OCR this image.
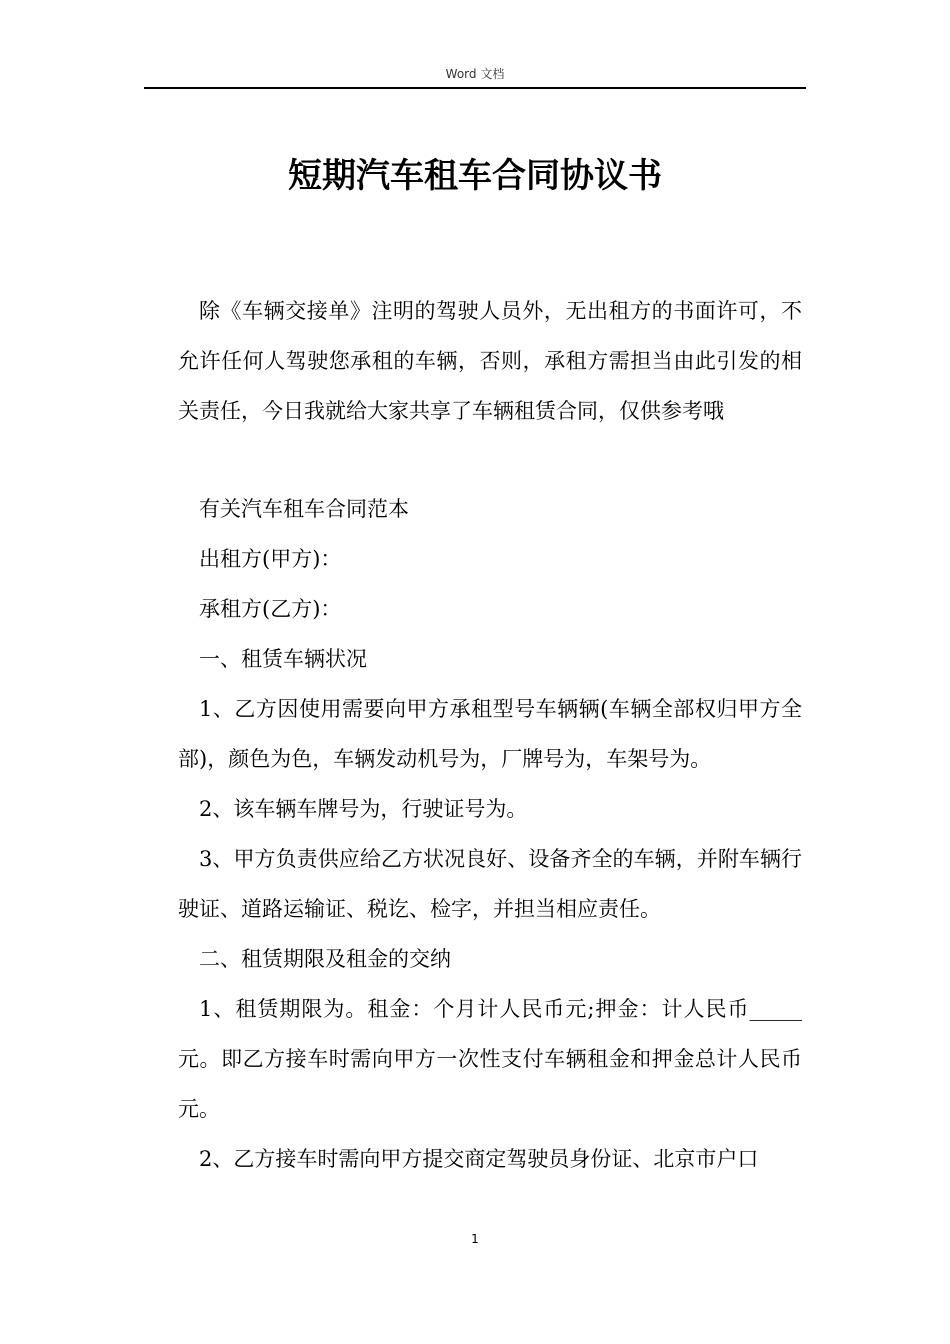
Word 文档
短期汽车租车合同协议书

除《车辆交接单》注明的驾驶人员外，无出租方的书面许可，不允许任何人驾驶您承租的车辆，否则，承租方需担当由此引发的相关责任，今日我就给大家共享了车辆租赁合同，仅供参考哦

有关汽车租车合同范本

出租方(甲方)：

承租方(乙方)：

一、租赁车辆状况

1、乙方因使用需要向甲方承租型号车辆辆(车辆全部权归甲方全部)，颜色为色，车辆发动机号为，厂牌号为，车架号为。

2、该车辆车牌号为，行驶证号为。

3、甲方负责供应给乙方状况良好、设备齐全的车辆，并附车辆行驶证、道路运输证、税讫、检字，并担当相应责任。

二、租赁期限及租金的交纳

1、租赁期限为。租金：个月计人民币元;押金：计人民币_____元。即乙方接车时需向甲方一次性支付车辆租金和押金总计人民币元。

2、乙方接车时需向甲方提交商定驾驶员身份证、北京市户口

1
